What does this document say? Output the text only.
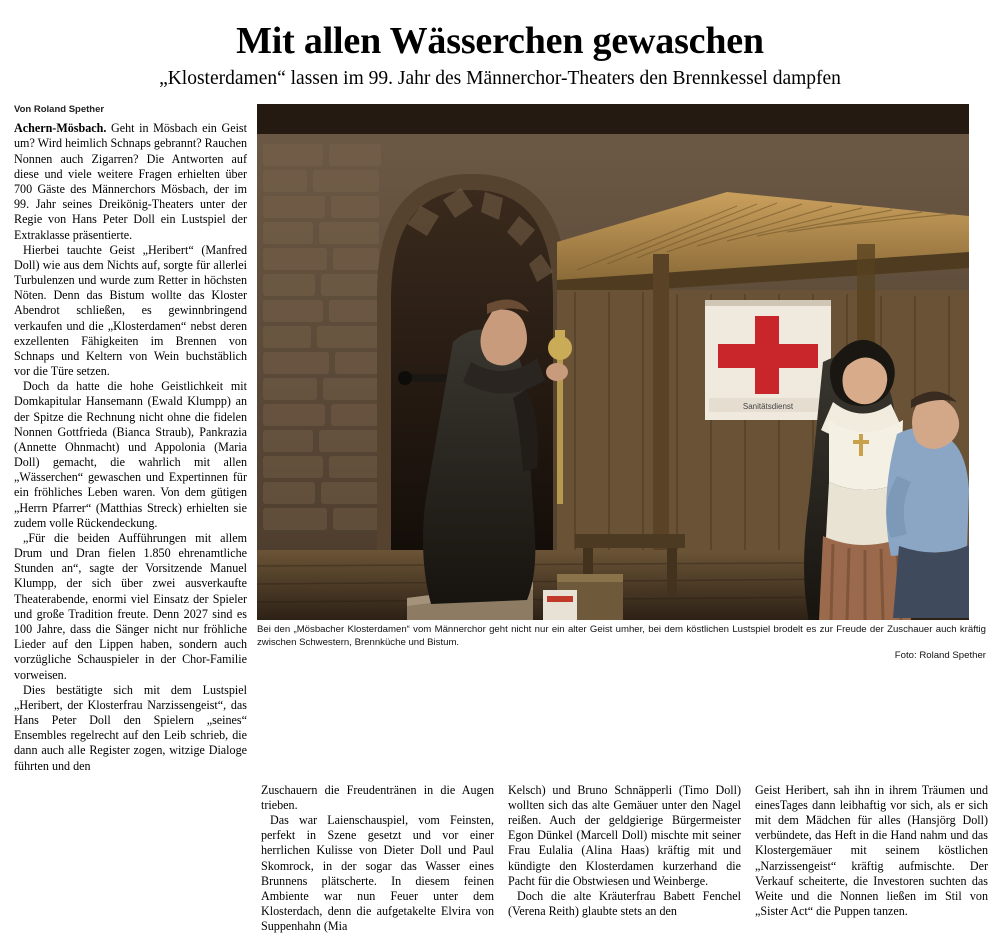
Mit allen Wässerchen gewaschen
„Klosterdamen“ lassen im 99. Jahr des Männerchor-Theaters den Brennkessel dampfen
Von Roland Spether

Achern-Mösbach. Geht in Mösbach ein Geist um? Wird heimlich Schnaps gebrannt? Rauchen Nonnen auch Zigarren? Die Antworten auf diese und viele weitere Fragen erhielten über 700 Gäste des Männerchors Mösbach, der im 99. Jahr seines Dreikönig-Theaters unter der Regie von Hans Peter Doll ein Lustspiel der Extraklasse präsentierte.

Hierbei tauchte Geist „Heribert“ (Manfred Doll) wie aus dem Nichts auf, sorgte für allerlei Turbulenzen und wurde zum Retter in höchsten Nöten. Denn das Bistum wollte das Kloster Abendrot schließen, es gewinnbringend verkaufen und die „Klosterdamen“ nebst deren exzellenten Fähigkeiten im Brennen von Schnaps und Keltern von Wein buchstäblich vor die Türe setzen.

Doch da hatte die hohe Geistlichkeit mit Domkapitular Hansemann (Ewald Klumpp) an der Spitze die Rechnung nicht ohne die fidelen Nonnen Gottfrieda (Bianca Straub), Pankrazia (Annette Ohnmacht) und Appolonia (Maria Doll) gemacht, die wahrlich mit allen „Wässerchen“ gewaschen und Expertinnen für ein fröhliches Leben waren. Von dem gütigen „Herrn Pfarrer“ (Matthias Streck) erhielten sie zudem volle Rückendeckung.

„Für die beiden Aufführungen mit allem Drum und Dran fielen 1.850 ehrenamtliche Stunden an“, sagte der Vorsitzende Manuel Klumpp, der sich über zwei ausverkaufte Theaterabende, enormi viel Einsatz der Spieler und große Tradition freute. Denn 2027 sind es 100 Jahre, dass die Sänger nicht nur fröhliche Lieder auf den Lippen haben, sondern auch vorzügliche Schauspieler in der Chor-Familie vorweisen.

Dies bestätigte sich mit dem Lustspiel „Heribert, der Klosterfrau Narzissengeist“, das Hans Peter Doll den Spielern „seines“ Ensembles regelrecht auf den Leib schrieb, die dann auch alle Register zogen, witzige Dialoge führten und den

Sanitätsdienst
Bei den „Mösbacher Klosterdamen“ vom Männerchor geht nicht nur ein alter Geist umher, bei dem köstlichen Lustspiel brodelt es zur Freude der Zuschauer auch kräftig zwischen Schwestern, Brennküche und Bistum.
Foto: Roland Spether

Zuschauern die Freudentränen in die Augen trieben.

Das war Laienschauspiel, vom Feinsten, perfekt in Szene gesetzt und vor einer herrlichen Kulisse von Dieter Doll und Paul Skomrock, in der sogar das Wasser eines Brunnens plätscherte. In diesem feinen Ambiente war nun Feuer unter dem Klosterdach, denn die aufgetakelte Elvira von Suppenhahn (Mia

Kelsch) und Bruno Schnäpperli (Timo Doll) wollten sich das alte Gemäuer unter den Nagel reißen. Auch der geldgierige Bürgermeister Egon Dünkel (Marcell Doll) mischte mit seiner Frau Eulalia (Alina Haas) kräftig mit und kündigte den Klosterdamen kurzerhand die Pacht für die Obstwiesen und Weinberge.

Doch die alte Kräuterfrau Babett Fenchel (Verena Reith) glaubte stets an den

Geist Heribert, sah ihn in ihrem Träumen und einesTages dann leibhaftig vor sich, als er sich mit dem Mädchen für alles (Hansjörg Doll) verbündete, das Heft in die Hand nahm und das Klostergemäuer mit seinem köstlichen „Narzissengeist“ kräftig aufmischte. Der Verkauf scheiterte, die Investoren suchten das Weite und die Nonnen ließen im Stil von „Sister Act“ die Puppen tanzen.
